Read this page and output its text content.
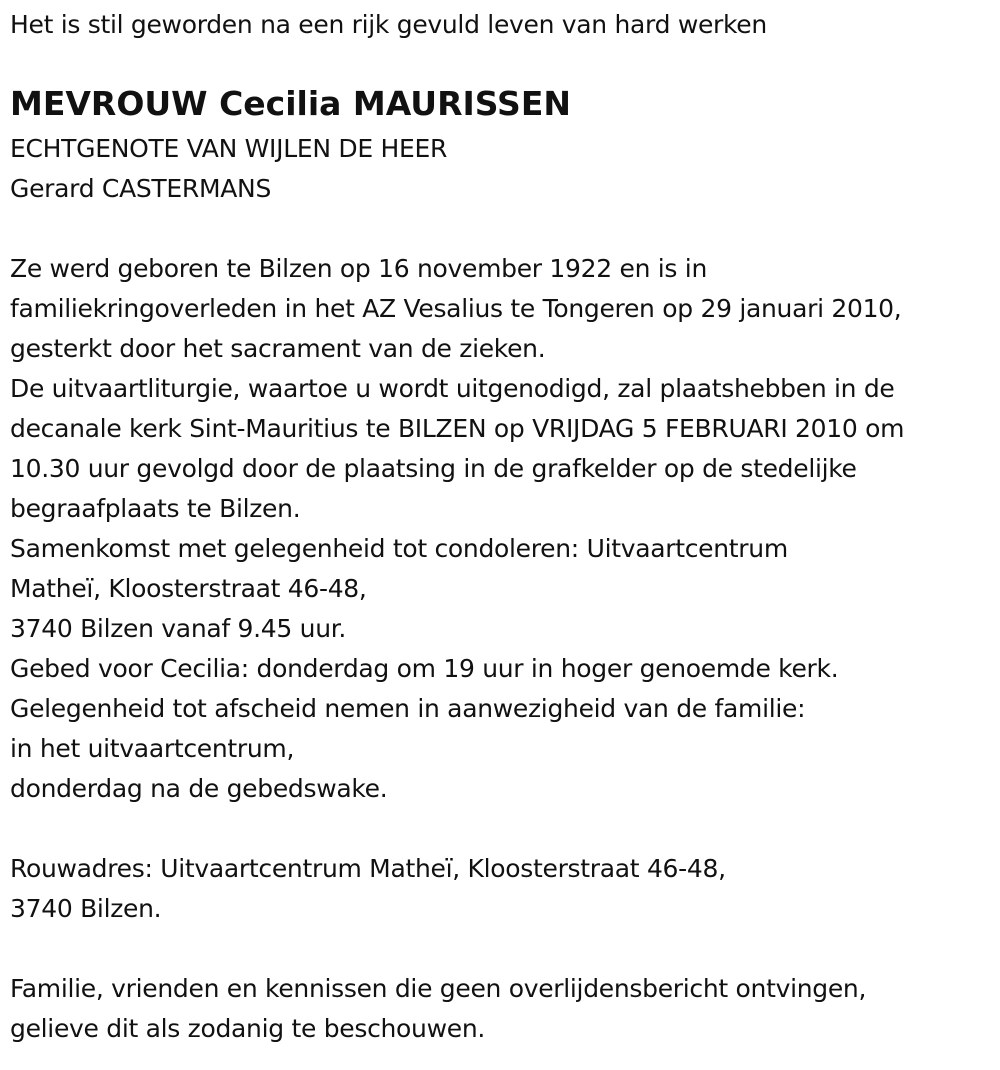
Het is stil geworden na een rijk gevuld leven van hard werken
MEVROUW Cecilia MAURISSEN
ECHTGENOTE VAN WIJLEN DE HEER
Gerard CASTERMANS
Ze werd geboren te Bilzen op 16 november 1922 en is in
familiekringoverleden in het AZ Vesalius te Tongeren op 29 januari 2010,
gesterkt door het sacrament van de zieken.
De uitvaartliturgie, waartoe u wordt uitgenodigd, zal plaatshebben in de
decanale kerk Sint-Mauritius te BILZEN op VRIJDAG 5 FEBRUARI 2010 om
10.30 uur gevolgd door de plaatsing in de grafkelder op de stedelijke
begraafplaats te Bilzen.
Samenkomst met gelegenheid tot condoleren: Uitvaartcentrum
Matheï, Kloosterstraat 46-48,
3740 Bilzen vanaf 9.45 uur.
Gebed voor Cecilia: donderdag om 19 uur in hoger genoemde kerk.
Gelegenheid tot afscheid nemen in aanwezigheid van de familie:
in het uitvaartcentrum,
donderdag na de gebedswake.
Rouwadres: Uitvaartcentrum Matheï, Kloosterstraat 46-48,
3740 Bilzen.
Familie, vrienden en kennissen die geen overlijdensbericht ontvingen,
gelieve dit als zodanig te beschouwen.
